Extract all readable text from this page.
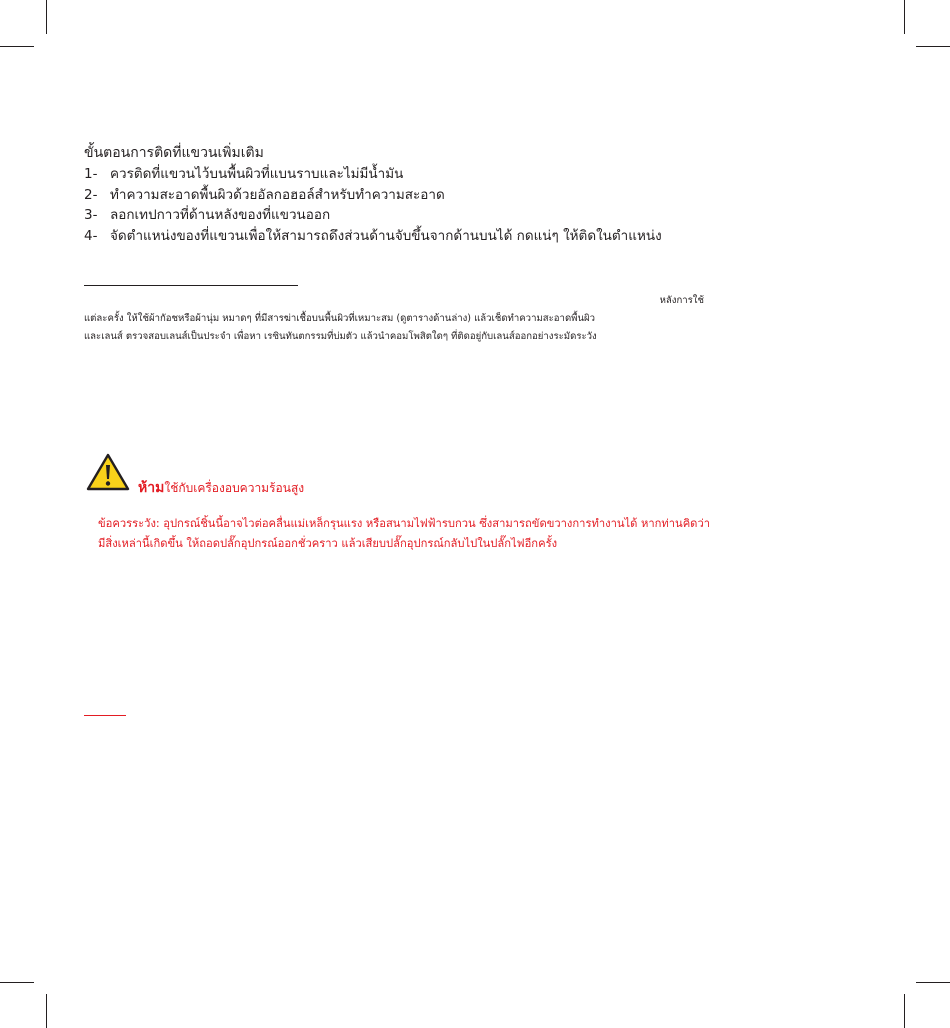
ขั้นตอนการติดที่แขวนเพิ่มเติม
1- ควรติดที่แขวนไว้บนพื้นผิวที่แบนราบและไม่มีน้ำมัน
2- ทำความสะอาดพื้นผิวด้วยอัลกอฮอล์สำหรับทำความสะอาด
3- ลอกเทปกาวที่ด้านหลังของที่แขวนออก
4- จัดตำแหน่งของที่แขวนเพื่อให้สามารถดึงส่วนด้านจับขึ้นจากด้านบนได้ กดแน่ๆ ให้ติดในตำแหน่ง
หลังการใช้
แต่ละครั้ง ให้ใช้ผ้ากัอชหรือผ้านุ่ม หมาดๆ ที่มีสารฆ่าเชื้อบนพื้นผิวที่เหมาะสม (ดูตารางด้านล่าง) แล้วเช็ดทำความสะอาดพื้นผิว
และเลนส์ ตรวจสอบเลนส์เป็นประจำ เพื่อหา เรซินทันตกรรมที่บ่มตัว แล้วนำคอมโพสิตใดๆ ที่ติดอยู่กับเลนส์ออกอย่างระมัดระวัง
ห้ามใช้กับเครื่องอบความร้อนสูง
ข้อควรระวัง: อุปกรณ์ชิ้นนี้อาจไวต่อคลื่นแม่เหล็กรุนแรง หรือสนามไฟฟ้ารบกวน ซึ่งสามารถขัดขวางการทำงานได้ หากท่านคิดว่า
มีสิ่งเหล่านี้เกิดขึ้น ให้ถอดปลั๊กอุปกรณ์ออกชั่วคราว แล้วเสียบปลั๊กอุปกรณ์กลับไปในปลั๊กไฟอีกครั้ง
